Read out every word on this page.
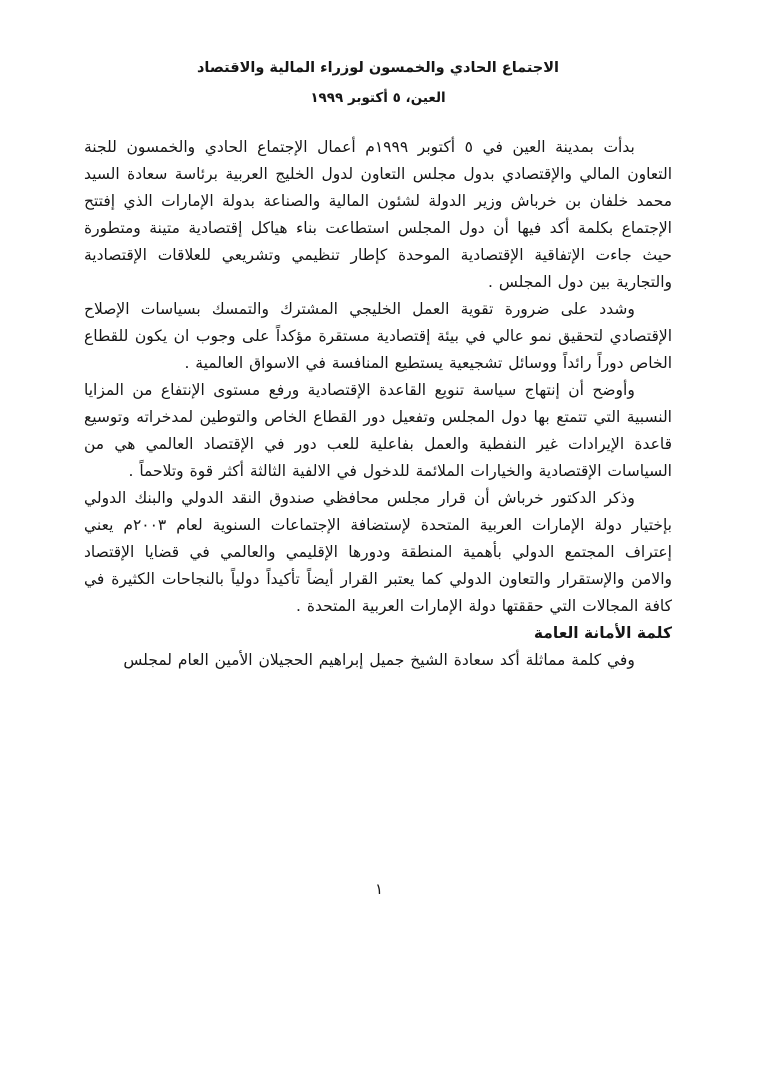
الاجتماع الحادي والخمسون لوزراء المالية والاقتصاد
العين، ٥ أكتوبر ١٩٩٩

بدأت بمدينة العين في ٥ أكتوبر ١٩٩٩م أعمال الإجتماع الحادي والخمسون للجنة التعاون المالي والإقتصادي بدول مجلس التعاون لدول الخليج العربية برئاسة سعادة السيد محمد خلفان بن خرباش وزير الدولة لشئون المالية والصناعة بدولة الإمارات الذي إفتتح الإجتماع بكلمة أكد فيها أن دول المجلس استطاعت بناء هياكل إقتصادية متينة ومتطورة حيث جاءت الإتفاقية الإقتصادية الموحدة كإطار تنظيمي وتشريعي للعلاقات الإقتصادية والتجارية بين دول المجلس .

وشدد على ضرورة تقوية العمل الخليجي المشترك والتمسك بسياسات الإصلاح الإقتصادي لتحقيق نمو عالي في بيئة إقتصادية مستقرة مؤكداً على وجوب ان يكون للقطاع الخاص دوراً رائداً ووسائل تشجيعية يستطيع المنافسة في الاسواق العالمية .

وأوضح أن إنتهاج سياسة تنويع القاعدة الإقتصادية ورفع مستوى الإنتفاع من المزايا النسبية التي تتمتع بها دول المجلس وتفعيل دور القطاع الخاص والتوطين لمدخراته وتوسيع قاعدة الإيرادات غير النفطية والعمل بفاعلية للعب دور في الإقتصاد العالمي هي من السياسات الإقتصادية والخيارات الملائمة للدخول في الالفية الثالثة أكثر قوة وتلاحماً .

وذكر الدكتور خرباش أن قرار مجلس محافظي صندوق النقد الدولي والبنك الدولي بإختيار دولة الإمارات العربية المتحدة لإستضافة الإجتماعات السنوية لعام ٢٠٠٣م يعني إعتراف المجتمع الدولي بأهمية المنطقة ودورها الإقليمي والعالمي في قضايا الإقتصاد والامن والإستقرار والتعاون الدولي كما يعتبر القرار أيضاً تأكيداً دولياً بالنجاحات الكثيرة في كافة المجالات التي حققتها دولة الإمارات العربية المتحدة .

كلمة الأمانة العامة

وفي كلمة مماثلة أكد سعادة الشيخ جميل إبراهيم الحجيلان الأمين العام لمجلس

١
